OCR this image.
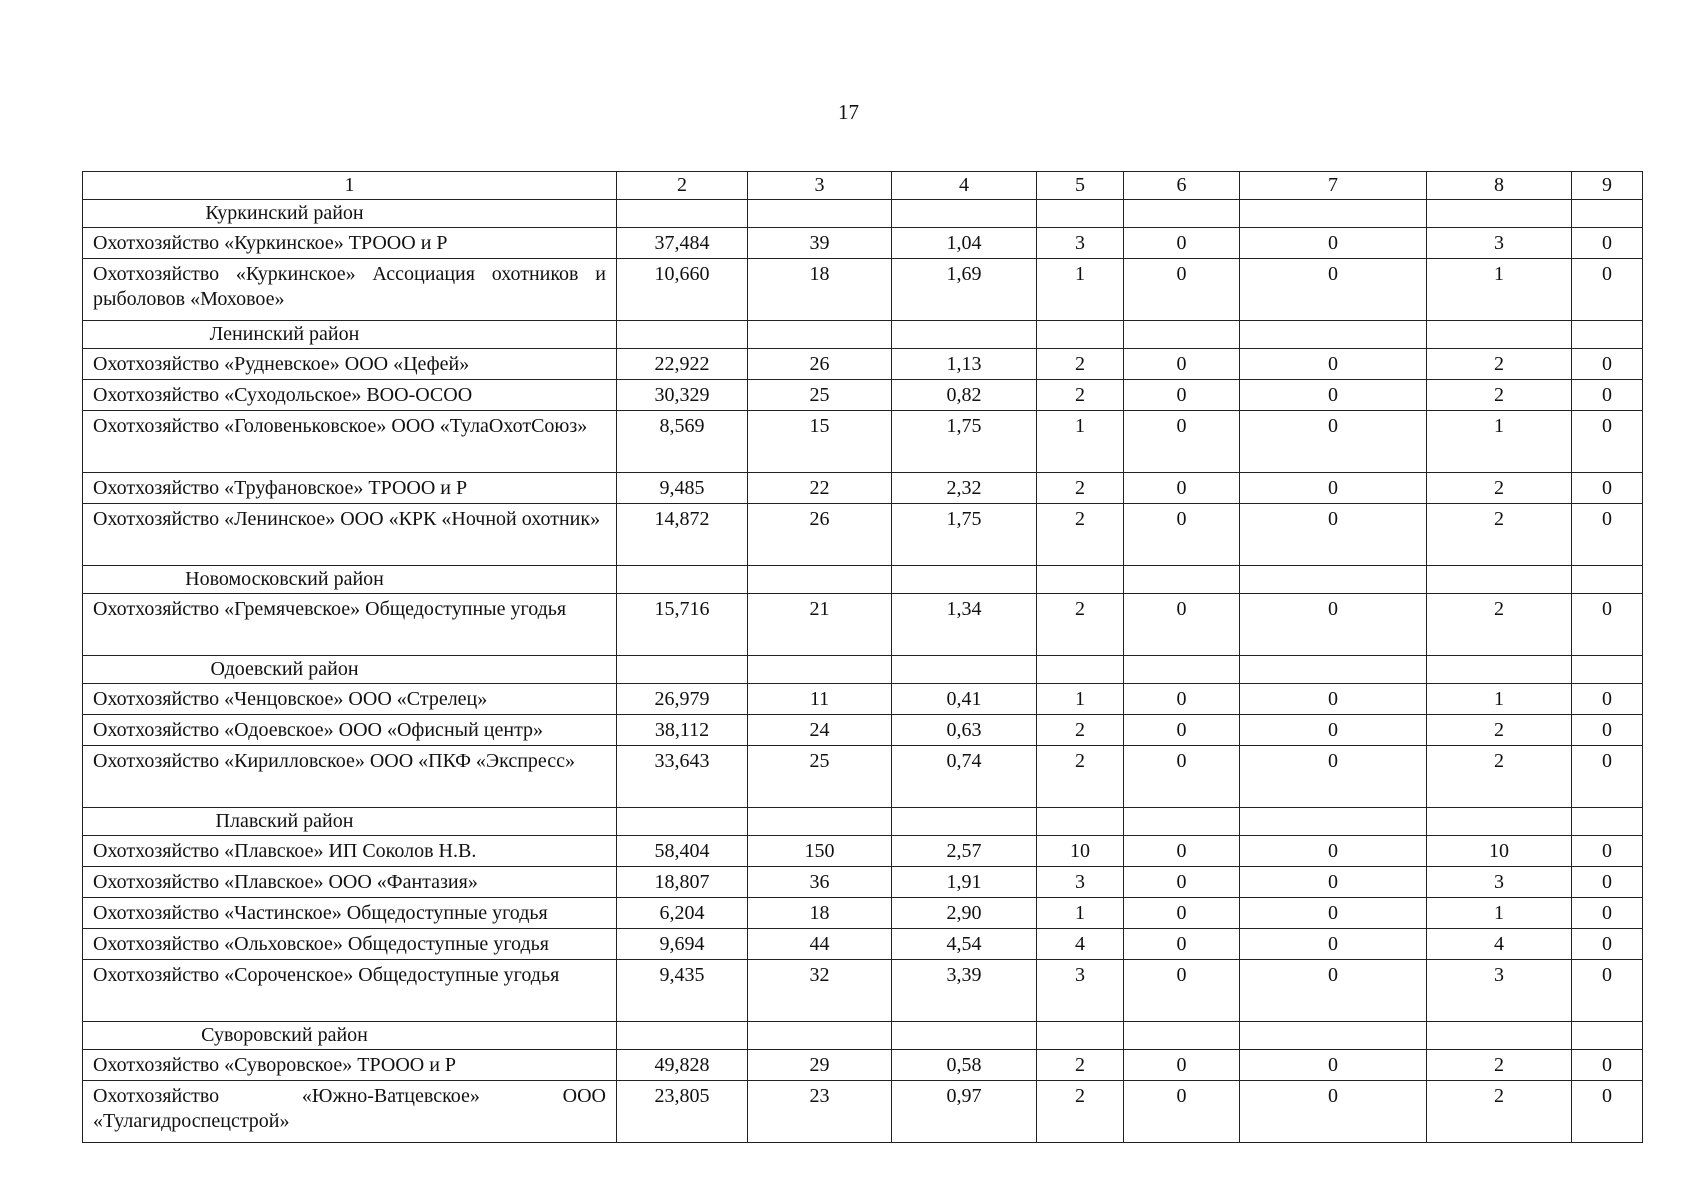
17
1	2	3	4	5	6	7	8	9
Куркинский район								
Охотхозяйство «Куркинское» ТРООО и Р	37,484	39	1,04	3	0	0	3	0
Охотхозяйство «Куркинское» Ассоциация охотников и рыболовов «Моховое»	10,660	18	1,69	1	0	0	1	0
Ленинский район								
Охотхозяйство «Рудневское» ООО «Цефей»	22,922	26	1,13	2	0	0	2	0
Охотхозяйство «Суходольское» ВОО-ОСОО	30,329	25	0,82	2	0	0	2	0
Охотхозяйство «Головеньковское» ООО «ТулаОхотСоюз»	8,569	15	1,75	1	0	0	1	0
Охотхозяйство «Труфановское» ТРООО и Р	9,485	22	2,32	2	0	0	2	0
Охотхозяйство «Ленинское» ООО «КРК «Ночной охотник»	14,872	26	1,75	2	0	0	2	0
Новомосковский район								
Охотхозяйство «Гремячевское» Общедоступные угодья	15,716	21	1,34	2	0	0	2	0
Одоевский район								
Охотхозяйство «Ченцовское» ООО «Стрелец»	26,979	11	0,41	1	0	0	1	0
Охотхозяйство «Одоевское» ООО «Офисный центр»	38,112	24	0,63	2	0	0	2	0
Охотхозяйство «Кирилловское» ООО «ПКФ «Экспресс»	33,643	25	0,74	2	0	0	2	0
Плавский район								
Охотхозяйство «Плавское» ИП Соколов Н.В.	58,404	150	2,57	10	0	0	10	0
Охотхозяйство «Плавское» ООО «Фантазия»	18,807	36	1,91	3	0	0	3	0
Охотхозяйство «Частинское» Общедоступные угодья	6,204	18	2,90	1	0	0	1	0
Охотхозяйство «Ольховское» Общедоступные угодья	9,694	44	4,54	4	0	0	4	0
Охотхозяйство «Сороченское» Общедоступные угодья	9,435	32	3,39	3	0	0	3	0
Суворовский район								
Охотхозяйство «Суворовское» ТРООО и Р	49,828	29	0,58	2	0	0	2	0
Охотхозяйство «Южно-Ватцевское» ООО «Тулагидроспецстрой»	23,805	23	0,97	2	0	0	2	0
